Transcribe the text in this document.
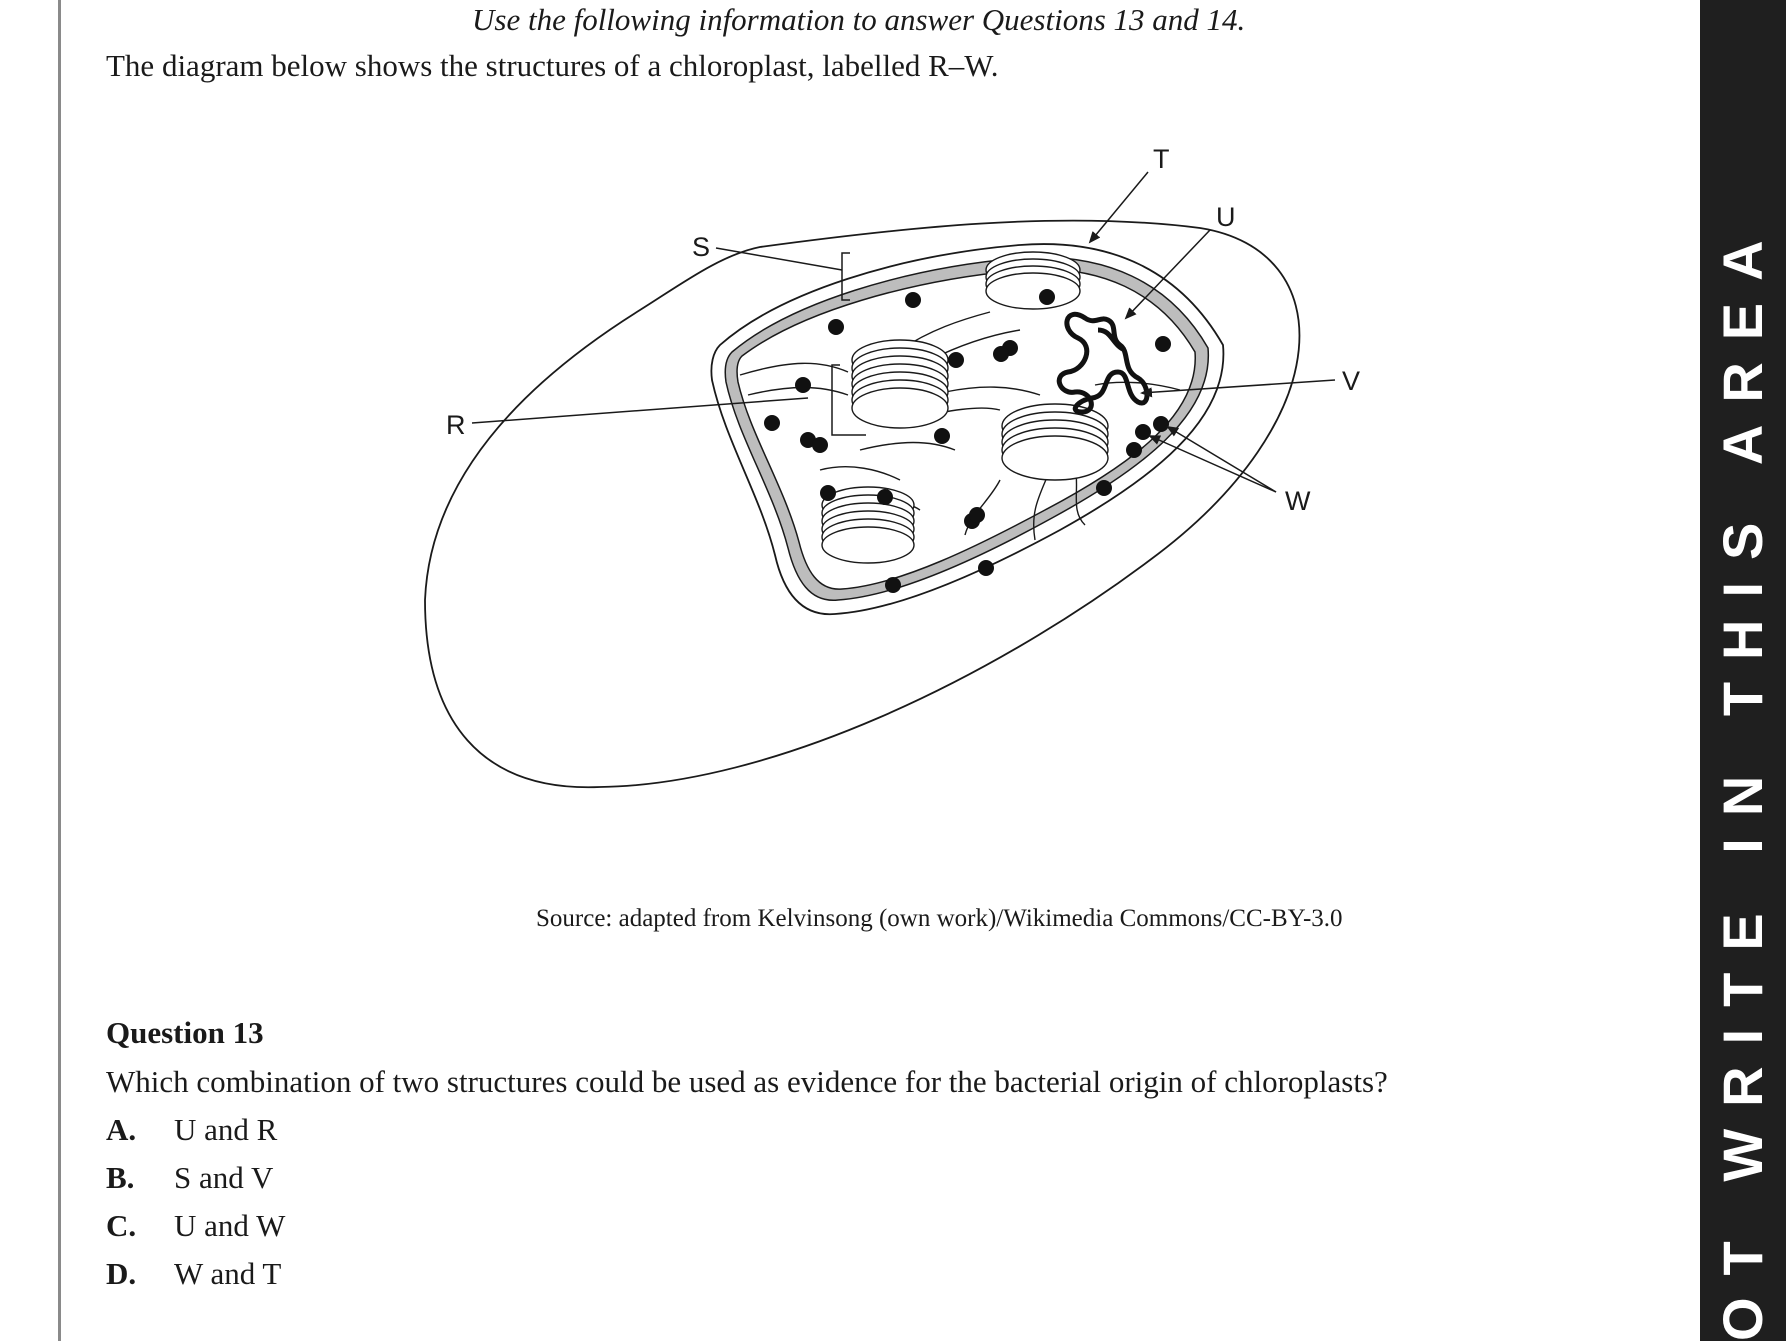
Use the following information to answer Questions 13 and 14.
The diagram below shows the structures of a chloroplast, labelled R–W.
R
S
T
U
V
W
Source: adapted from Kelvinsong (own work)/Wikimedia Commons/CC-BY-3.0
Question 13
Which combination of two structures could be used as evidence for the bacterial origin of chloroplasts?
A. U and R
B. S and V
C. U and W
D. W and T	OT WRITE IN THIS AREA
